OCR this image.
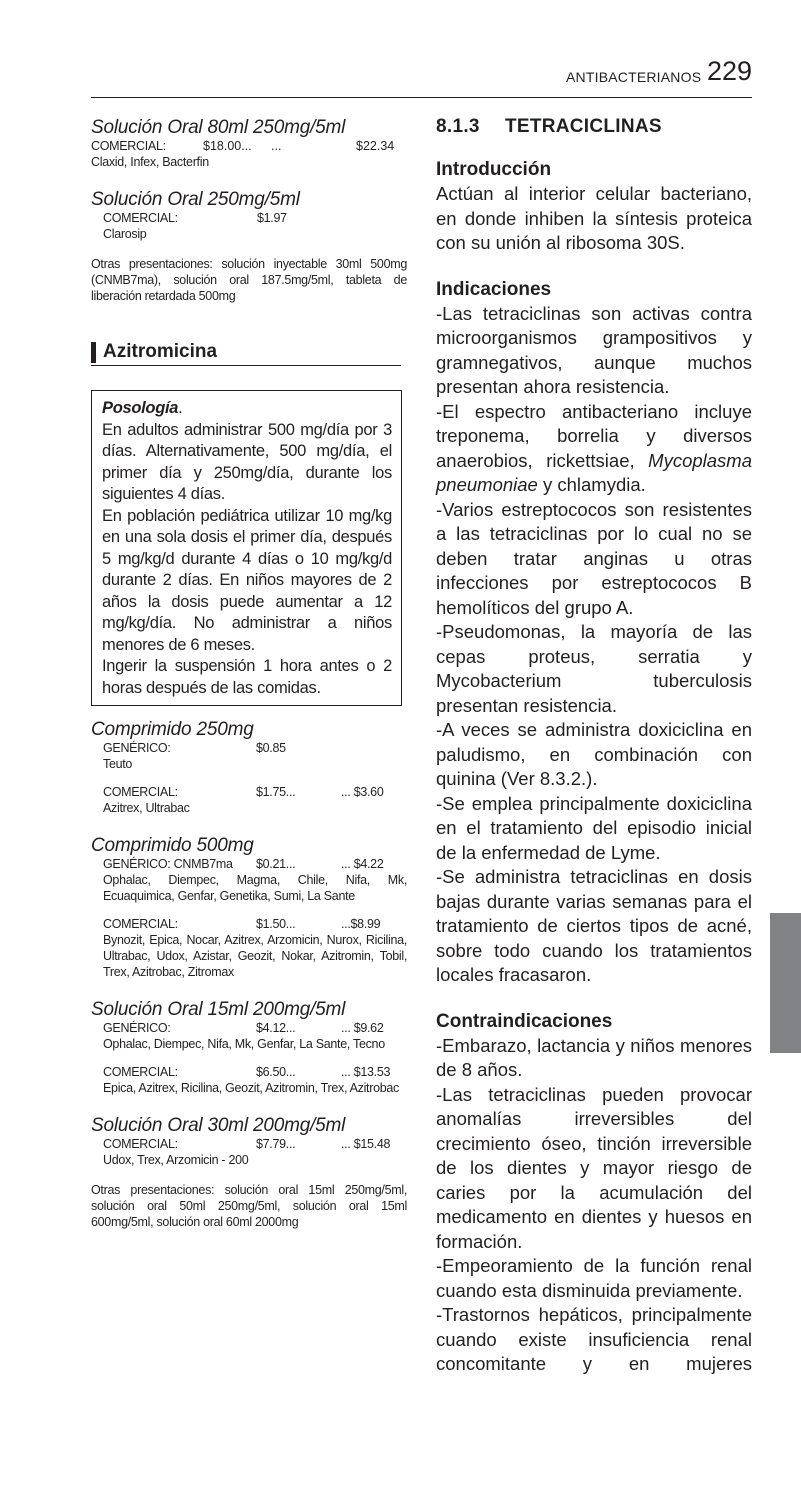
ANTIBACTERIANOS 229
Solución Oral 80ml 250mg/5ml
COMERCIAL:	$18.00... ...	$22.34
Claxid, Infex, Bacterfin
Solución Oral 250mg/5ml
COMERCIAL:	$1.97
Clarosip
Otras presentaciones: solución inyectable 30ml 500mg (CNMB7ma), solución oral 187.5mg/5ml, tableta de liberación retardada 500mg
Azitromicina
Posología.
En adultos administrar 500 mg/día por 3 días. Alternativamente, 500 mg/día, el primer día y 250mg/día, durante los siguientes 4 días.
En población pediátrica utilizar 10 mg/kg en una sola dosis el primer día, después 5 mg/kg/d durante 4 días o 10 mg/kg/d durante 2 días. En niños mayores de 2 años la dosis puede aumentar a 12 mg/kg/día. No administrar a niños menores de 6 meses.
Ingerir la suspensión 1 hora antes o 2 horas después de las comidas.
Comprimido 250mg
GENÉRICO:	$0.85
Teuto
COMERCIAL:	$1.75...	... $3.60
Azitrex, Ultrabac
Comprimido 500mg
GENÉRICO: CNMB7ma	$0.21...	... $4.22
Ophalac, Diempec, Magma, Chile, Nifa, Mk, Ecuaquimica, Genfar, Genetika, Sumi, La Sante
COMERCIAL:	$1.50...	...$8.99
Bynozit, Epica, Nocar, Azitrex, Arzomicin, Nurox, Ricilina, Ultrabac, Udox, Azistar, Geozit, Nokar, Azitromin, Tobil, Trex, Azitrobac, Zitromax
Solución Oral 15ml 200mg/5ml
GENÉRICO:	$4.12...	... $9.62
Ophalac, Diempec, Nifa, Mk, Genfar, La Sante, Tecno
COMERCIAL:	$6.50...	... $13.53
Epica, Azitrex, Ricilina, Geozit, Azitromin, Trex, Azitrobac
Solución Oral 30ml 200mg/5ml
COMERCIAL:	$7.79...	... $15.48
Udox, Trex, Arzomicin - 200
Otras presentaciones: solución oral 15ml 250mg/5ml, solución oral 50ml 250mg/5ml, solución oral 15ml 600mg/5ml, solución oral 60ml 2000mg
8.1.3 TETRACICLINAS
Introducción
Actúan al interior celular bacteriano, en donde inhiben la síntesis proteica con su unión al ribosoma 30S.
Indicaciones
-Las tetraciclinas son activas contra microorganismos grampositivos y gramnegativos, aunque muchos presentan ahora resistencia.
-El espectro antibacteriano incluye treponema, borrelia y diversos anaerobios, rickettsiae, Mycoplasma pneumoniae y chlamydia.
-Varios estreptococos son resistentes a las tetraciclinas por lo cual no se deben tratar anginas u otras infecciones por estreptococos B hemolíticos del grupo A.
-Pseudomonas, la mayoría de las cepas proteus, serratia y Mycobacterium tuberculosis presentan resistencia.
-A veces se administra doxiciclina en paludismo, en combinación con quinina (Ver 8.3.2.).
-Se emplea principalmente doxiciclina en el tratamiento del episodio inicial de la enfermedad de Lyme.
-Se administra tetraciclinas en dosis bajas durante varias semanas para el tratamiento de ciertos tipos de acné, sobre todo cuando los tratamientos locales fracasaron.
Contraindicaciones
-Embarazo, lactancia y niños menores de 8 años.
-Las tetraciclinas pueden provocar anomalías irreversibles del crecimiento óseo, tinción irreversible de los dientes y mayor riesgo de caries por la acumulación del medicamento en dientes y huesos en formación.
-Empeoramiento de la función renal cuando esta disminuida previamente.
-Trastornos hepáticos, principalmente cuando existe insuficiencia renal concomitante y en mujeres
